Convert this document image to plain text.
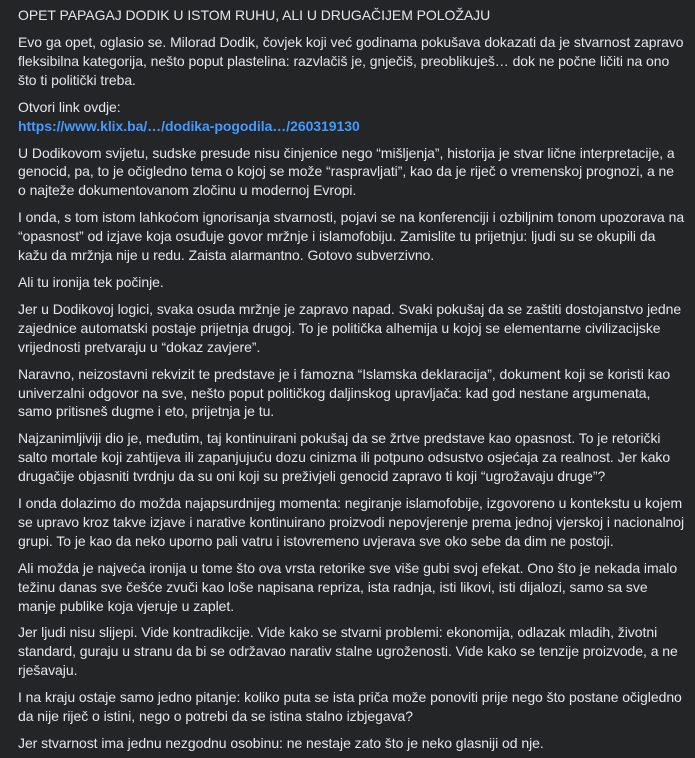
OPET PAPAGAJ DODIK U ISTOM RUHU, ALI U DRUGAČIJEM POLOŽAJU

Evo ga opet, oglasio se. Milorad Dodik, čovjek koji već godinama pokušava dokazati da je stvarnost zapravo fleksibilna kategorija, nešto poput plastelina: razvlačiš je, gnječiš, preoblikuješ… dok ne počne ličiti na ono što ti politički treba.

Otvori link ovdje:
https://www.klix.ba/…/dodika-pogodila…/260319130

U Dodikovom svijetu, sudske presude nisu činjenice nego “mišljenja”, historija je stvar lične interpretacije, a genocid, pa, to je očigledno tema o kojoj se može “raspravljati”, kao da je riječ o vremenskoj prognozi, a ne o najteže dokumentovanom zločinu u modernoj Evropi.

I onda, s tom istom lahkoćom ignorisanja stvarnosti, pojavi se na konferenciji i ozbiljnim tonom upozorava na “opasnost” od izjave koja osuđuje govor mržnje i islamofobiju. Zamislite tu prijetnju: ljudi su se okupili da kažu da mržnja nije u redu. Zaista alarmantno. Gotovo subverzivno.

Ali tu ironija tek počinje.

Jer u Dodikovoj logici, svaka osuda mržnje je zapravo napad. Svaki pokušaj da se zaštiti dostojanstvo jedne zajednice automatski postaje prijetnja drugoj. To je politička alhemija u kojoj se elementarne civilizacijske vrijednosti pretvaraju u “dokaz zavjere”.

Naravno, neizostavni rekvizit te predstave je i famozna “Islamska deklaracija”, dokument koji se koristi kao univerzalni odgovor na sve, nešto poput političkog daljinskog upravljača: kad god nestane argumenata, samo pritisneš dugme i eto, prijetnja je tu.

Najzanimljiviji dio je, međutim, taj kontinuirani pokušaj da se žrtve predstave kao opasnost. To je retorički salto mortale koji zahtijeva ili zapanjujuću dozu cinizma ili potpuno odsustvo osjećaja za realnost. Jer kako drugačije objasniti tvrdnju da su oni koji su preživjeli genocid zapravo ti koji “ugrožavaju druge”?

I onda dolazimo do možda najapsurdnijeg momenta: negiranje islamofobije, izgovoreno u kontekstu u kojem se upravo kroz takve izjave i narative kontinuirano proizvodi nepovjerenje prema jednoj vjerskoj i nacionalnoj grupi. To je kao da neko uporno pali vatru i istovremeno uvjerava sve oko sebe da dim ne postoji.

Ali možda je najveća ironija u tome što ova vrsta retorike sve više gubi svoj efekat. Ono što je nekada imalo težinu danas sve češće zvuči kao loše napisana repriza, ista radnja, isti likovi, isti dijalozi, samo sa sve manje publike koja vjeruje u zaplet.

Jer ljudi nisu slijepi. Vide kontradikcije. Vide kako se stvarni problemi: ekonomija, odlazak mladih, životni standard, guraju u stranu da bi se održavao narativ stalne ugroženosti. Vide kako se tenzije proizvode, a ne rješavaju.

I na kraju ostaje samo jedno pitanje: koliko puta se ista priča može ponoviti prije nego što postane očigledno da nije riječ o istini, nego o potrebi da se istina stalno izbjegava?

Jer stvarnost ima jednu nezgodnu osobinu: ne nestaje zato što je neko glasniji od nje.
